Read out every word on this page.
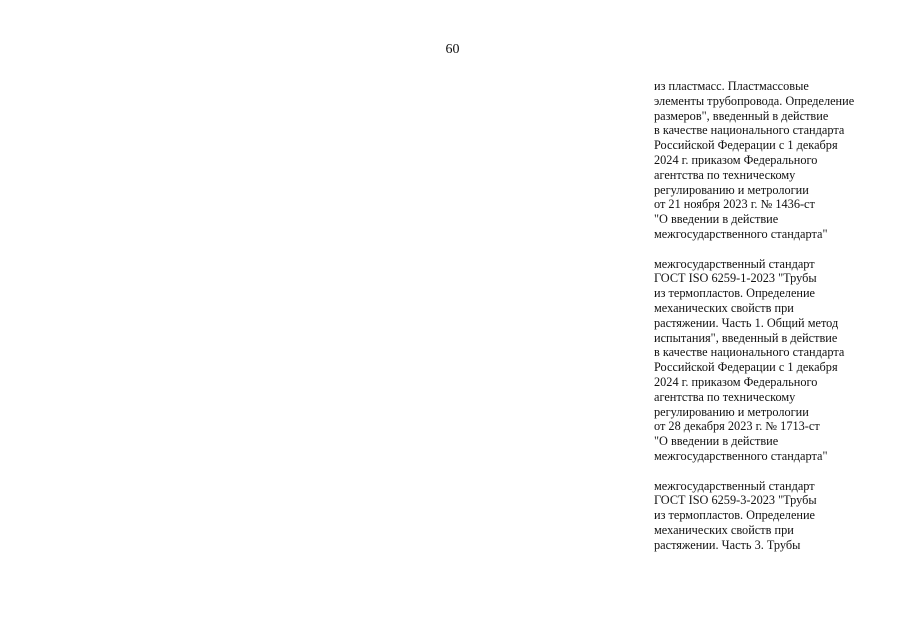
60
из пластмасс. Пластмассовые
элементы трубопровода. Определение
размеров", введенный в действие
в качестве национального стандарта
Российской Федерации с 1 декабря
2024 г. приказом Федерального
агентства по техническому
регулированию и метрологии
от 21 ноября 2023 г. № 1436-ст
"О введении в действие
межгосударственного стандарта"
межгосударственный стандарт
ГОСТ ISO 6259-1-2023 "Трубы
из термопластов. Определение
механических свойств при
растяжении. Часть 1. Общий метод
испытания", введенный в действие
в качестве национального стандарта
Российской Федерации с 1 декабря
2024 г. приказом Федерального
агентства по техническому
регулированию и метрологии
от 28 декабря 2023 г. № 1713-ст
"О введении в действие
межгосударственного стандарта"
межгосударственный стандарт
ГОСТ ISO 6259-3-2023 "Трубы
из термопластов. Определение
механических свойств при
растяжении. Часть 3. Трубы
